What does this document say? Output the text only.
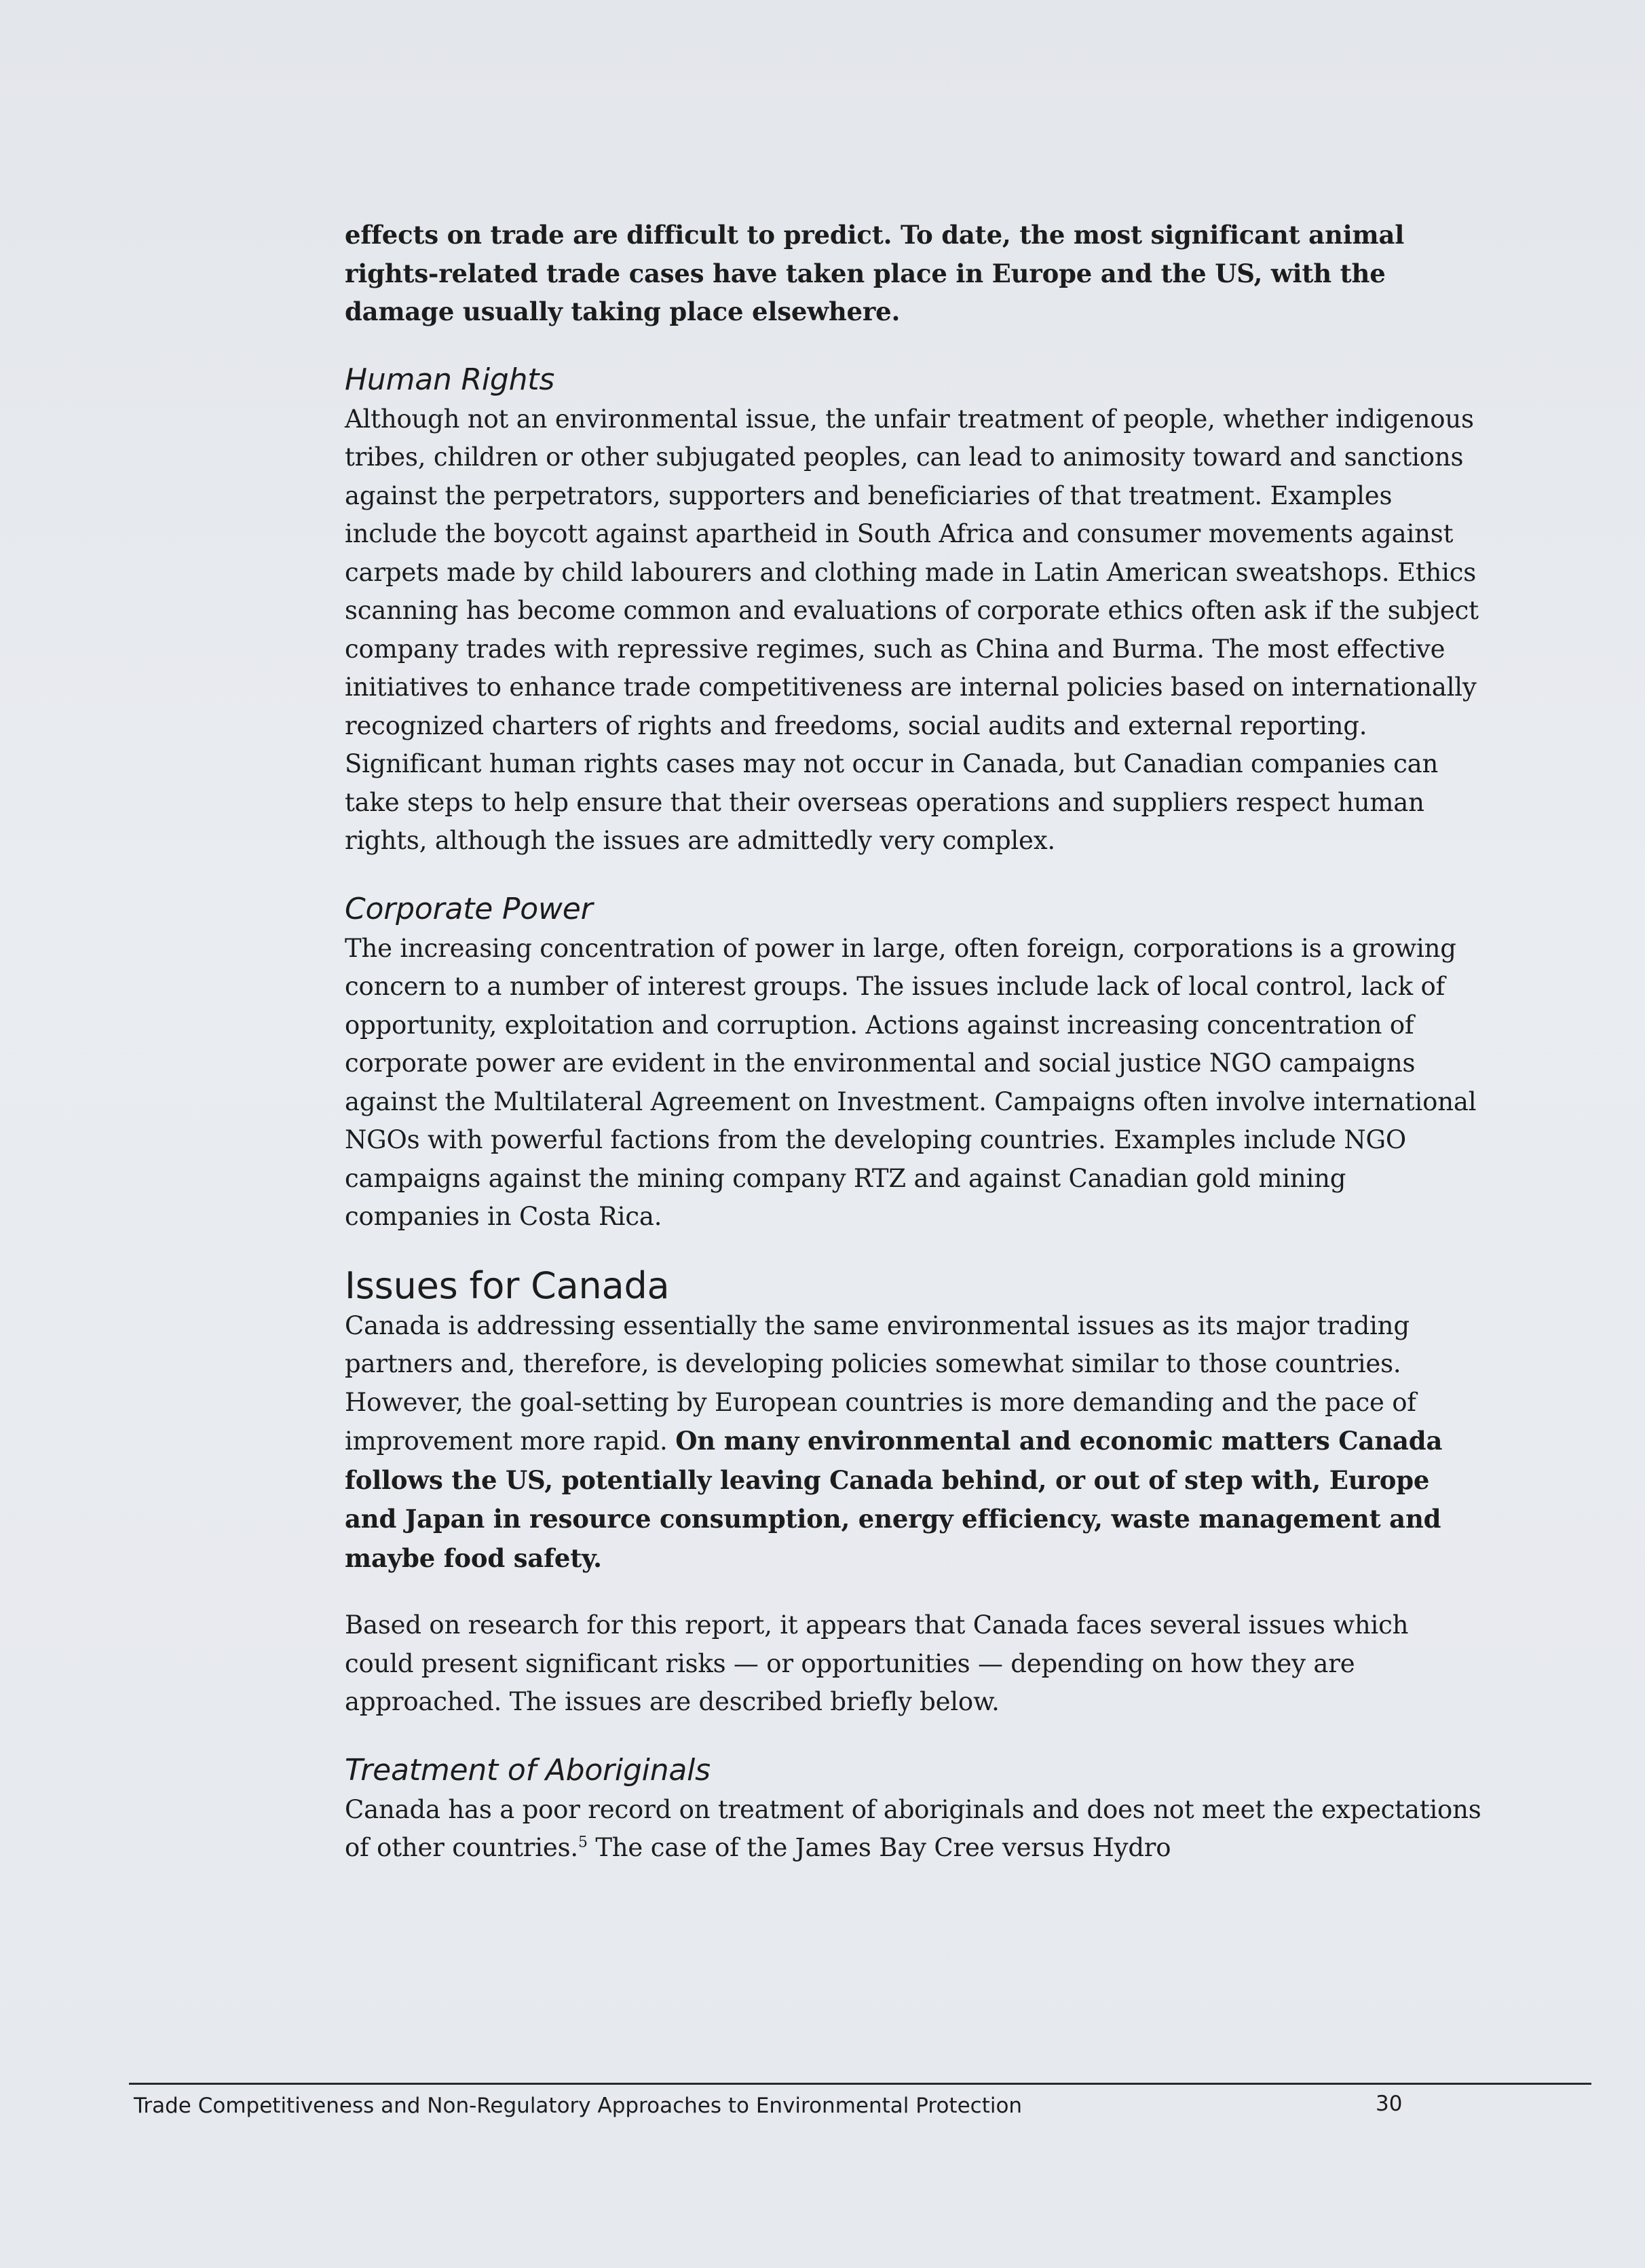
effects on trade are difficult to predict. To date, the most significant animal rights-related trade cases have taken place in Europe and the US, with the damage usually taking place elsewhere.

Human Rights

Although not an environmental issue, the unfair treatment of people, whether indigenous tribes, children or other subjugated peoples, can lead to animosity toward and sanctions against the perpetrators, supporters and beneficiaries of that treatment. Examples include the boycott against apartheid in South Africa and consumer movements against carpets made by child labourers and clothing made in Latin American sweatshops. Ethics scanning has become common and evaluations of corporate ethics often ask if the subject company trades with repressive regimes, such as China and Burma. The most effective initiatives to enhance trade competitiveness are internal policies based on internationally recognized charters of rights and freedoms, social audits and external reporting. Significant human rights cases may not occur in Canada, but Canadian companies can take steps to help ensure that their overseas operations and suppliers respect human rights, although the issues are admittedly very complex.

Corporate Power

The increasing concentration of power in large, often foreign, corporations is a growing concern to a number of interest groups. The issues include lack of local control, lack of opportunity, exploitation and corruption. Actions against increasing concentration of corporate power are evident in the environmental and social justice NGO campaigns against the Multilateral Agreement on Investment. Campaigns often involve international NGOs with powerful factions from the developing countries. Examples include NGO campaigns against the mining company RTZ and against Canadian gold mining companies in Costa Rica.

Issues for Canada

Canada is addressing essentially the same environmental issues as its major trading partners and, therefore, is developing policies somewhat similar to those countries. However, the goal-setting by European countries is more demanding and the pace of improvement more rapid. On many environmental and economic matters Canada follows the US, potentially leaving Canada behind, or out of step with, Europe and Japan in resource consumption, energy efficiency, waste management and maybe food safety.

Based on research for this report, it appears that Canada faces several issues which could present significant risks — or opportunities — depending on how they are approached. The issues are described briefly below.

Treatment of Aboriginals

Canada has a poor record on treatment of aboriginals and does not meet the expectations of other countries.$^5$ The case of the James Bay Cree versus Hydro

Trade Competitiveness and Non-Regulatory Approaches to Environmental Protection	30
